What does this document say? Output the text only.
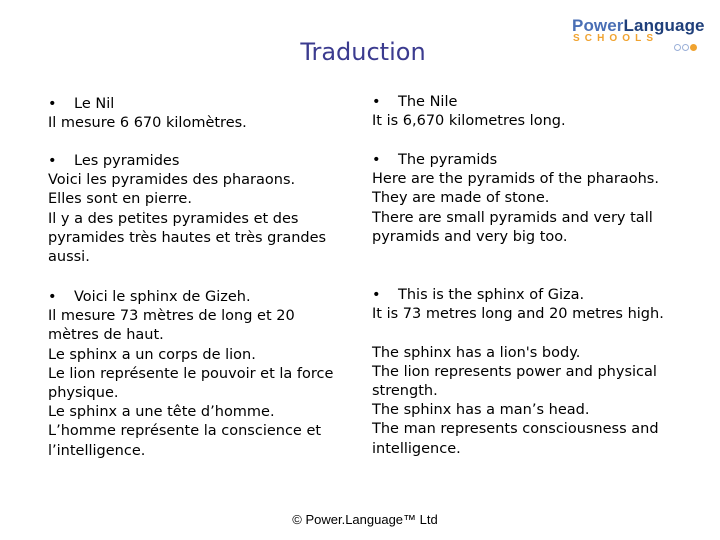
Traduction
PowerLanguage
SCHOOLS
• Le Nil
Il mesure 6 670 kilomètres.
• The Nile
It is 6,670 kilometres long.
• Les pyramides
Voici les pyramides des pharaons.
Elles sont en pierre.
Il y a des petites pyramides et des
pyramides très hautes et très grandes
aussi.
• The pyramids
Here are the pyramids of the pharaohs.
They are made of stone.
There are small pyramids and very tall
pyramids and very big too.
• Voici le sphinx de Gizeh.
Il mesure 73 mètres de long et 20
mètres de haut.
Le sphinx a un corps de lion.
Le lion représente le pouvoir et la force
physique.
Le sphinx a une tête d’homme.
L’homme représente la conscience et
l’intelligence.
• This is the sphinx of Giza.
It is 73 metres long and 20 metres high.
The sphinx has a lion's body.
The lion represents power and physical
strength.
The sphinx has a man’s head.
The man represents consciousness and
intelligence.
© Power.Language™ Ltd
